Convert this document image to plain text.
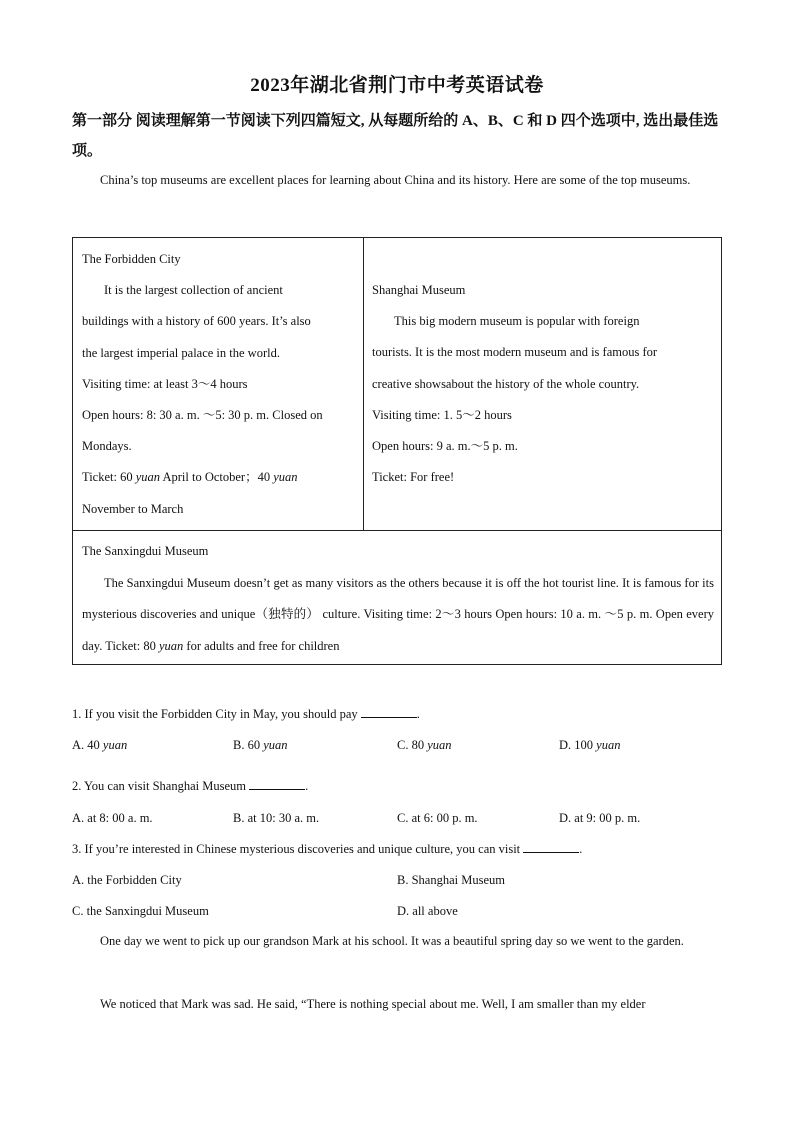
2023年湖北省荆门市中考英语试卷
第一部分 阅读理解第一节阅读下列四篇短文, 从每题所给的 A、B、C 和 D 四个选项中, 选出最佳选项。
China’s top museums are excellent places for learning about China and its history. Here are some of the top museums.
The Forbidden City
It is the largest collection of ancient
buildings with a history of 600 years. It’s also
the largest imperial palace in the world.
Visiting time: at least 3～4 hours
Open hours: 8: 30 a. m. ～5: 30 p. m. Closed on
Mondays.
Ticket: 60 yuan April to October；40 yuan
November to March
Shanghai Museum
This big modern museum is popular with foreign
tourists. It is the most modern museum and is famous for
creative showsabout the history of the whole country.
Visiting time: 1. 5～2 hours
Open hours: 9 a. m.～5 p. m.
Ticket: For free!
The Sanxingdui Museum
The Sanxingdui Museum doesn’t get as many visitors as the others because it is off the hot tourist line. It is famous for its mysterious discoveries and unique（独特的） culture. Visiting time: 2～3 hours Open hours: 10 a. m. ～5 p. m. Open every day. Ticket: 80 yuan for adults and free for children
1. If you visit the Forbidden City in May, you should pay	.
A. 40 yuan	B. 60 yuan	C. 80 yuan	D. 100 yuan
2. You can visit Shanghai Museum	.
A. at 8: 00 a. m.	B. at 10: 30 a. m.	C. at 6: 00 p. m.	D. at 9: 00 p. m.
3. If you’re interested in Chinese mysterious discoveries and unique culture, you can visit	.
A. the Forbidden City	B. Shanghai Museum
C. the Sanxingdui Museum	D. all above
One day we went to pick up our grandson Mark at his school. It was a beautiful spring day so we went to the garden.
We noticed that Mark was sad. He said, “There is nothing special about me. Well, I am smaller than my elder
